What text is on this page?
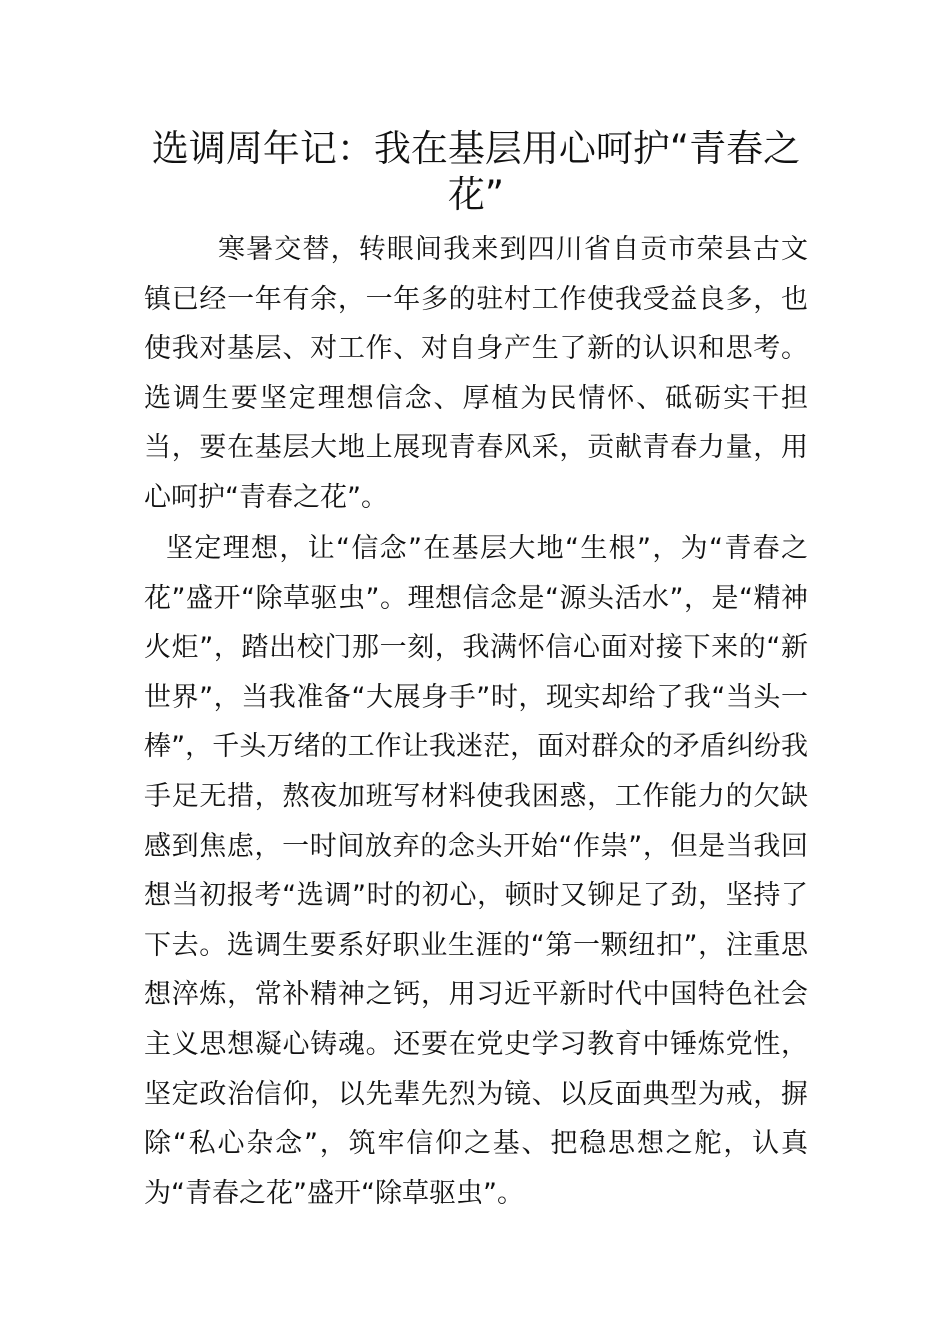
选调周年记：我在基层用心呵护“青春之花”

寒暑交替，转眼间我来到四川省自贡市荣县古文镇已经一年有余，一年多的驻村工作使我受益良多，也使我对基层、对工作、对自身产生了新的认识和思考。选调生要坚定理想信念、厚植为民情怀、砥砺实干担当，要在基层大地上展现青春风采，贡献青春力量，用心呵护“青春之花”。

坚定理想，让“信念”在基层大地“生根”，为“青春之花”盛开“除草驱虫”。理想信念是“源头活水”，是“精神火炬”，踏出校门那一刻，我满怀信心面对接下来的“新世界”，当我准备“大展身手”时，现实却给了我“当头一棒”，千头万绪的工作让我迷茫，面对群众的矛盾纠纷我手足无措，熬夜加班写材料使我困惑，工作能力的欠缺感到焦虑，一时间放弃的念头开始“作祟”，但是当我回想当初报考“选调”时的初心，顿时又铆足了劲，坚持了下去。选调生要系好职业生涯的“第一颗纽扣”，注重思想淬炼，常补精神之钙，用习近平新时代中国特色社会主义思想凝心铸魂。还要在党史学习教育中锤炼党性，坚定政治信仰，以先辈先烈为镜、以反面典型为戒，摒除“私心杂念”，筑牢信仰之基、把稳思想之舵，认真为“青春之花”盛开“除草驱虫”。
